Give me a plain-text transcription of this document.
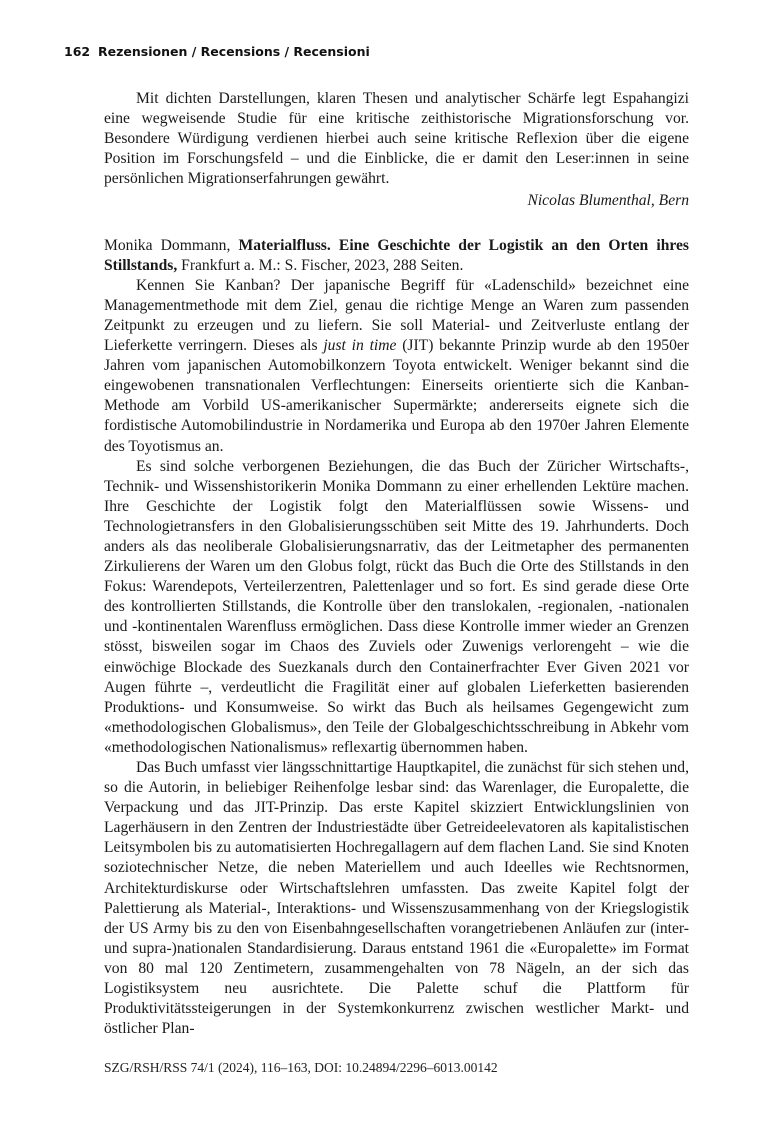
162 Rezensionen / Recensions / Recensioni

Mit dichten Darstellungen, klaren Thesen und analytischer Schärfe legt Espahangizi eine wegweisende Studie für eine kritische zeithistorische Migrationsforschung vor. Besondere Würdigung verdienen hierbei auch seine kritische Reflexion über die eigene Position im Forschungsfeld – und die Einblicke, die er damit den Leser:innen in seine persönlichen Migrationserfahrungen gewährt.

Nicolas Blumenthal, Bern

Monika Dommann, Materialfluss. Eine Geschichte der Logistik an den Orten ihres Stillstands, Frankfurt a. M.: S. Fischer, 2023, 288 Seiten.

Kennen Sie Kanban? Der japanische Begriff für «Ladenschild» bezeichnet eine Managementmethode mit dem Ziel, genau die richtige Menge an Waren zum passenden Zeitpunkt zu erzeugen und zu liefern. Sie soll Material- und Zeitverluste entlang der Lieferkette verringern. Dieses als just in time (JIT) bekannte Prinzip wurde ab den 1950er Jahren vom japanischen Automobilkonzern Toyota entwickelt. Weniger bekannt sind die eingewobenen transnationalen Verflechtungen: Einerseits orientierte sich die Kanban-Methode am Vorbild US-amerikanischer Supermärkte; andererseits eignete sich die fordistische Automobilindustrie in Nordamerika und Europa ab den 1970er Jahren Elemente des Toyotismus an.

Es sind solche verborgenen Beziehungen, die das Buch der Züricher Wirtschafts-, Technik- und Wissenshistorikerin Monika Dommann zu einer erhellenden Lektüre machen. Ihre Geschichte der Logistik folgt den Materialflüssen sowie Wissens- und Technologietransfers in den Globalisierungsschüben seit Mitte des 19. Jahrhunderts. Doch anders als das neoliberale Globalisierungsnarrativ, das der Leitmetapher des permanenten Zirkulierens der Waren um den Globus folgt, rückt das Buch die Orte des Stillstands in den Fokus: Warendepots, Verteilerzentren, Palettenlager und so fort. Es sind gerade diese Orte des kontrollierten Stillstands, die Kontrolle über den translokalen, -regionalen, -nationalen und -kontinentalen Warenfluss ermöglichen. Dass diese Kontrolle immer wieder an Grenzen stösst, bisweilen sogar im Chaos des Zuviels oder Zuwenigs verlorengeht – wie die einwöchige Blockade des Suezkanals durch den Containerfrachter Ever Given 2021 vor Augen führte –, verdeutlicht die Fragilität einer auf globalen Lieferketten basierenden Produktions- und Konsumweise. So wirkt das Buch als heilsames Gegengewicht zum «methodologischen Globalismus», den Teile der Globalgeschichtsschreibung in Abkehr vom «methodologischen Nationalismus» reflexartig übernommen haben.

Das Buch umfasst vier längsschnittartige Hauptkapitel, die zunächst für sich stehen und, so die Autorin, in beliebiger Reihenfolge lesbar sind: das Warenlager, die Europalette, die Verpackung und das JIT-Prinzip. Das erste Kapitel skizziert Entwicklungslinien von Lagerhäusern in den Zentren der Industriestädte über Getreideelevatoren als kapitalistischen Leitsymbolen bis zu automatisierten Hochregallagern auf dem flachen Land. Sie sind Knoten soziotechnischer Netze, die neben Materiellem und auch Ideelles wie Rechtsnormen, Architekturdiskurse oder Wirtschaftslehren umfassten. Das zweite Kapitel folgt der Palettierung als Material-, Interaktions- und Wissenszusammenhang von der Kriegslogistik der US Army bis zu den von Eisenbahngesellschaften vorangetriebenen Anläufen zur (inter- und supra-)nationalen Standardisierung. Daraus entstand 1961 die «Europalette» im Format von 80 mal 120 Zentimetern, zusammengehalten von 78 Nägeln, an der sich das Logistiksystem neu ausrichtete. Die Palette schuf die Plattform für Produktivitätssteigerungen in der Systemkonkurrenz zwischen westlicher Markt- und östlicher Plan-

SZG/RSH/RSS 74/1 (2024), 116–163, DOI: 10.24894/2296–6013.00142
